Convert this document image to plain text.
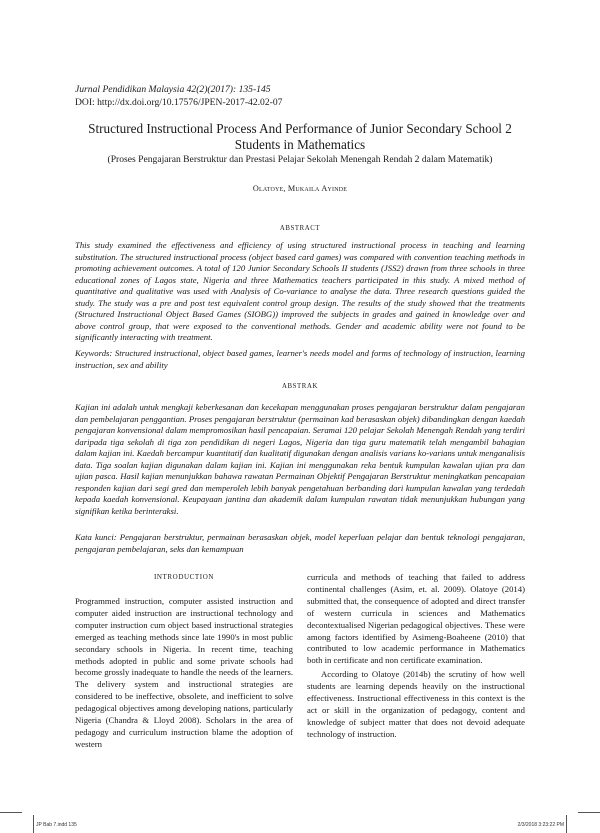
Jurnal Pendidikan Malaysia 42(2)(2017): 135-145
DOI: http://dx.doi.org/10.17576/JPEN-2017-42.02-07
Structured Instructional Process And Performance of Junior Secondary School 2 Students in Mathematics
(Proses Pengajaran Berstruktur dan Prestasi Pelajar Sekolah Menengah Rendah 2 dalam Matematik)
Olatoye, Mukaila Ayinde
ABSTRACT
This study examined the effectiveness and efficiency of using structured instructional process in teaching and learning substitution. The structured instructional process (object based card games) was compared with convention teaching methods in promoting achievement outcomes. A total of 120 Junior Secondary Schools II students (JSS2) drawn from three schools in three educational zones of Lagos state, Nigeria and three Mathematics teachers participated in this study. A mixed method of quantitative and qualitative was used with Analysis of Co-variance to analyse the data. Three research questions guided the study. The study was a pre and post test equivalent control group design. The results of the study showed that the treatments (Structured Instructional Object Based Games (SIOBG)) improved the subjects in grades and gained in knowledge over and above control group, that were exposed to the conventional methods. Gender and academic ability were not found to be significantly interacting with treatment.
Keywords: Structured instructional, object based games, learner's needs model and forms of technology of instruction, learning instruction, sex and ability
ABSTRAK
Kajian ini adalah untuk mengkaji keberkesanan dan kecekapan menggunakan proses pengajaran berstruktur dalam pengajaran dan pembelajaran penggantian. Proses pengajaran berstruktur (permainan kad berasaskan objek) dibandingkan dengan kaedah pengajaran konvensional dalam mempromosikan hasil pencapaian. Seramai 120 pelajar Sekolah Menengah Rendah yang terdiri daripada tiga sekolah di tiga zon pendidikan di negeri Lagos, Nigeria dan tiga guru matematik telah mengambil bahagian dalam kajian ini. Kaedah bercampur kuantitatif dan kualitatif digunakan dengan analisis varians ko-varians untuk menganalisis data. Tiga soalan kajian digunakan dalam kajian ini. Kajian ini menggunakan reka bentuk kumpulan kawalan ujian pra dan ujian pasca. Hasil kajian menunjukkan bahawa rawatan Permainan Objektif Pengajaran Berstruktur meningkatkan pencapaian responden kajian dari segi gred dan memperoleh lebih banyak pengetahuan berbanding dari kumpulan kawalan yang terdedah kepada kaedah konvensional. Keupayaan jantina dan akademik dalam kumpulan rawatan tidak menunjukkan hubungan yang signifikan ketika berinteraksi.
Kata kunci: Pengajaran berstruktur, permainan berasaskan objek, model keperluan pelajar dan bentuk teknologi pengajaran, pengajaran pembelajaran, seks dan kemampuan
INTRODUCTION

Programmed instruction, computer assisted instruction and computer aided instruction are instructional technology and computer instruction cum object based instructional strategies emerged as teaching methods since late 1990's in most public secondary schools in Nigeria. In recent time, teaching methods adopted in public and some private schools had become grossly inadequate to handle the needs of the learners. The delivery system and instructional strategies are considered to be ineffective, obsolete, and inefficient to solve pedagogical objectives among developing nations, particularly Nigeria (Chandra & Lloyd 2008). Scholars in the area of pedagogy and curriculum instruction blame the adoption of western

curricula and methods of teaching that failed to address continental challenges (Asim, et. al. 2009). Olatoye (2014) submitted that, the consequence of adopted and direct transfer of western curricula in sciences and Mathematics decontextualised Nigerian pedagogical objectives. These were among factors identified by Asimeng-Boaheene (2010) that contributed to low academic performance in Mathematics both in certificate and non certificate examination.

According to Olatoye (2014b) the scrutiny of how well students are learning depends heavily on the instructional effectiveness. Instructional effectiveness in this context is the act or skill in the organization of pedagogy, content and knowledge of subject matter that does not devoid adequate technology of instruction.

JP Bab 7.indd 135	2/3/2018 3:23:22 PM
